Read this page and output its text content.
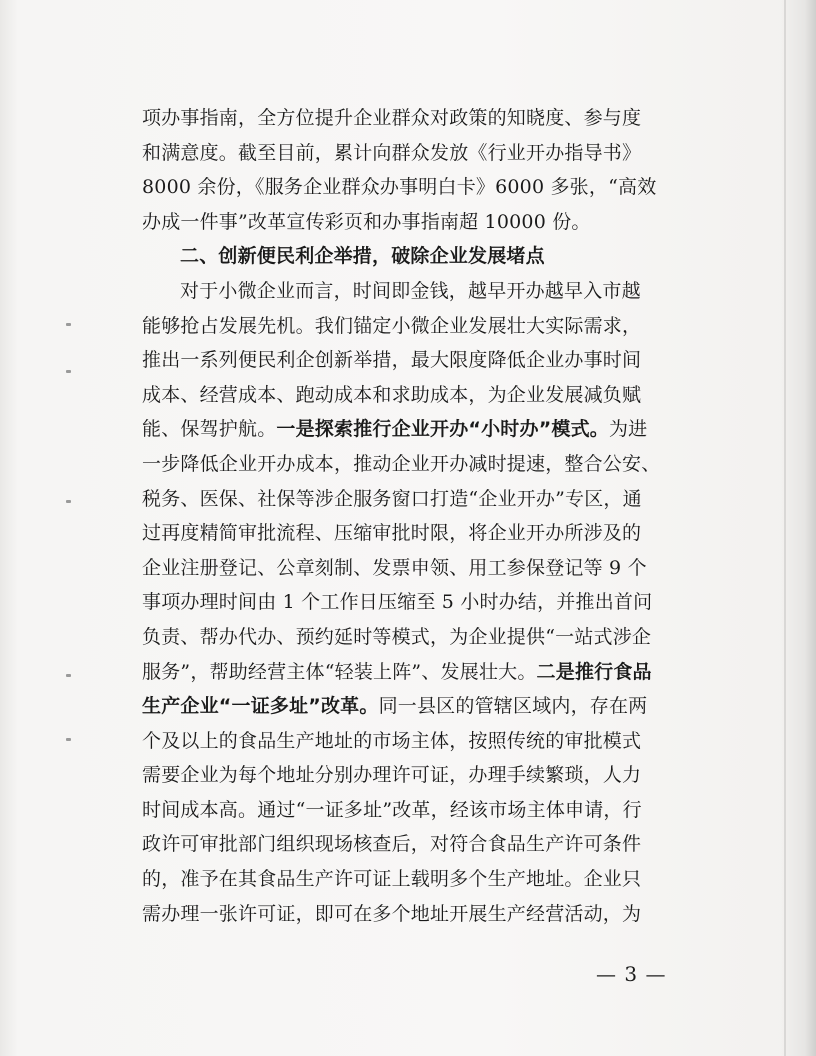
项办事指南，全方位提升企业群众对政策的知晓度、参与度
和满意度。截至目前，累计向群众发放《行业开办指导书》
8000 余份，《服务企业群众办事明白卡》6000 多张，“高效
办成一件事”改革宣传彩页和办事指南超 10000 份。
二、创新便民利企举措，破除企业发展堵点
对于小微企业而言，时间即金钱，越早开办越早入市越
能够抢占发展先机。我们锚定小微企业发展壮大实际需求，
推出一系列便民利企创新举措，最大限度降低企业办事时间
成本、经营成本、跑动成本和求助成本，为企业发展减负赋
能、保驾护航。一是探索推行企业开办“小时办”模式。为进
一步降低企业开办成本，推动企业开办减时提速，整合公安、
税务、医保、社保等涉企服务窗口打造“企业开办”专区，通
过再度精简审批流程、压缩审批时限，将企业开办所涉及的
企业注册登记、公章刻制、发票申领、用工参保登记等 9 个
事项办理时间由 1 个工作日压缩至 5 小时办结，并推出首问
负责、帮办代办、预约延时等模式，为企业提供“一站式涉企
服务”，帮助经营主体“轻装上阵”、发展壮大。二是推行食品
生产企业“一证多址”改革。同一县区的管辖区域内，存在两
个及以上的食品生产地址的市场主体，按照传统的审批模式
需要企业为每个地址分别办理许可证，办理手续繁琐，人力
时间成本高。通过“一证多址”改革，经该市场主体申请，行
政许可审批部门组织现场核查后，对符合食品生产许可条件
的，准予在其食品生产许可证上载明多个生产地址。企业只
需办理一张许可证，即可在多个地址开展生产经营活动，为
— 3 —
